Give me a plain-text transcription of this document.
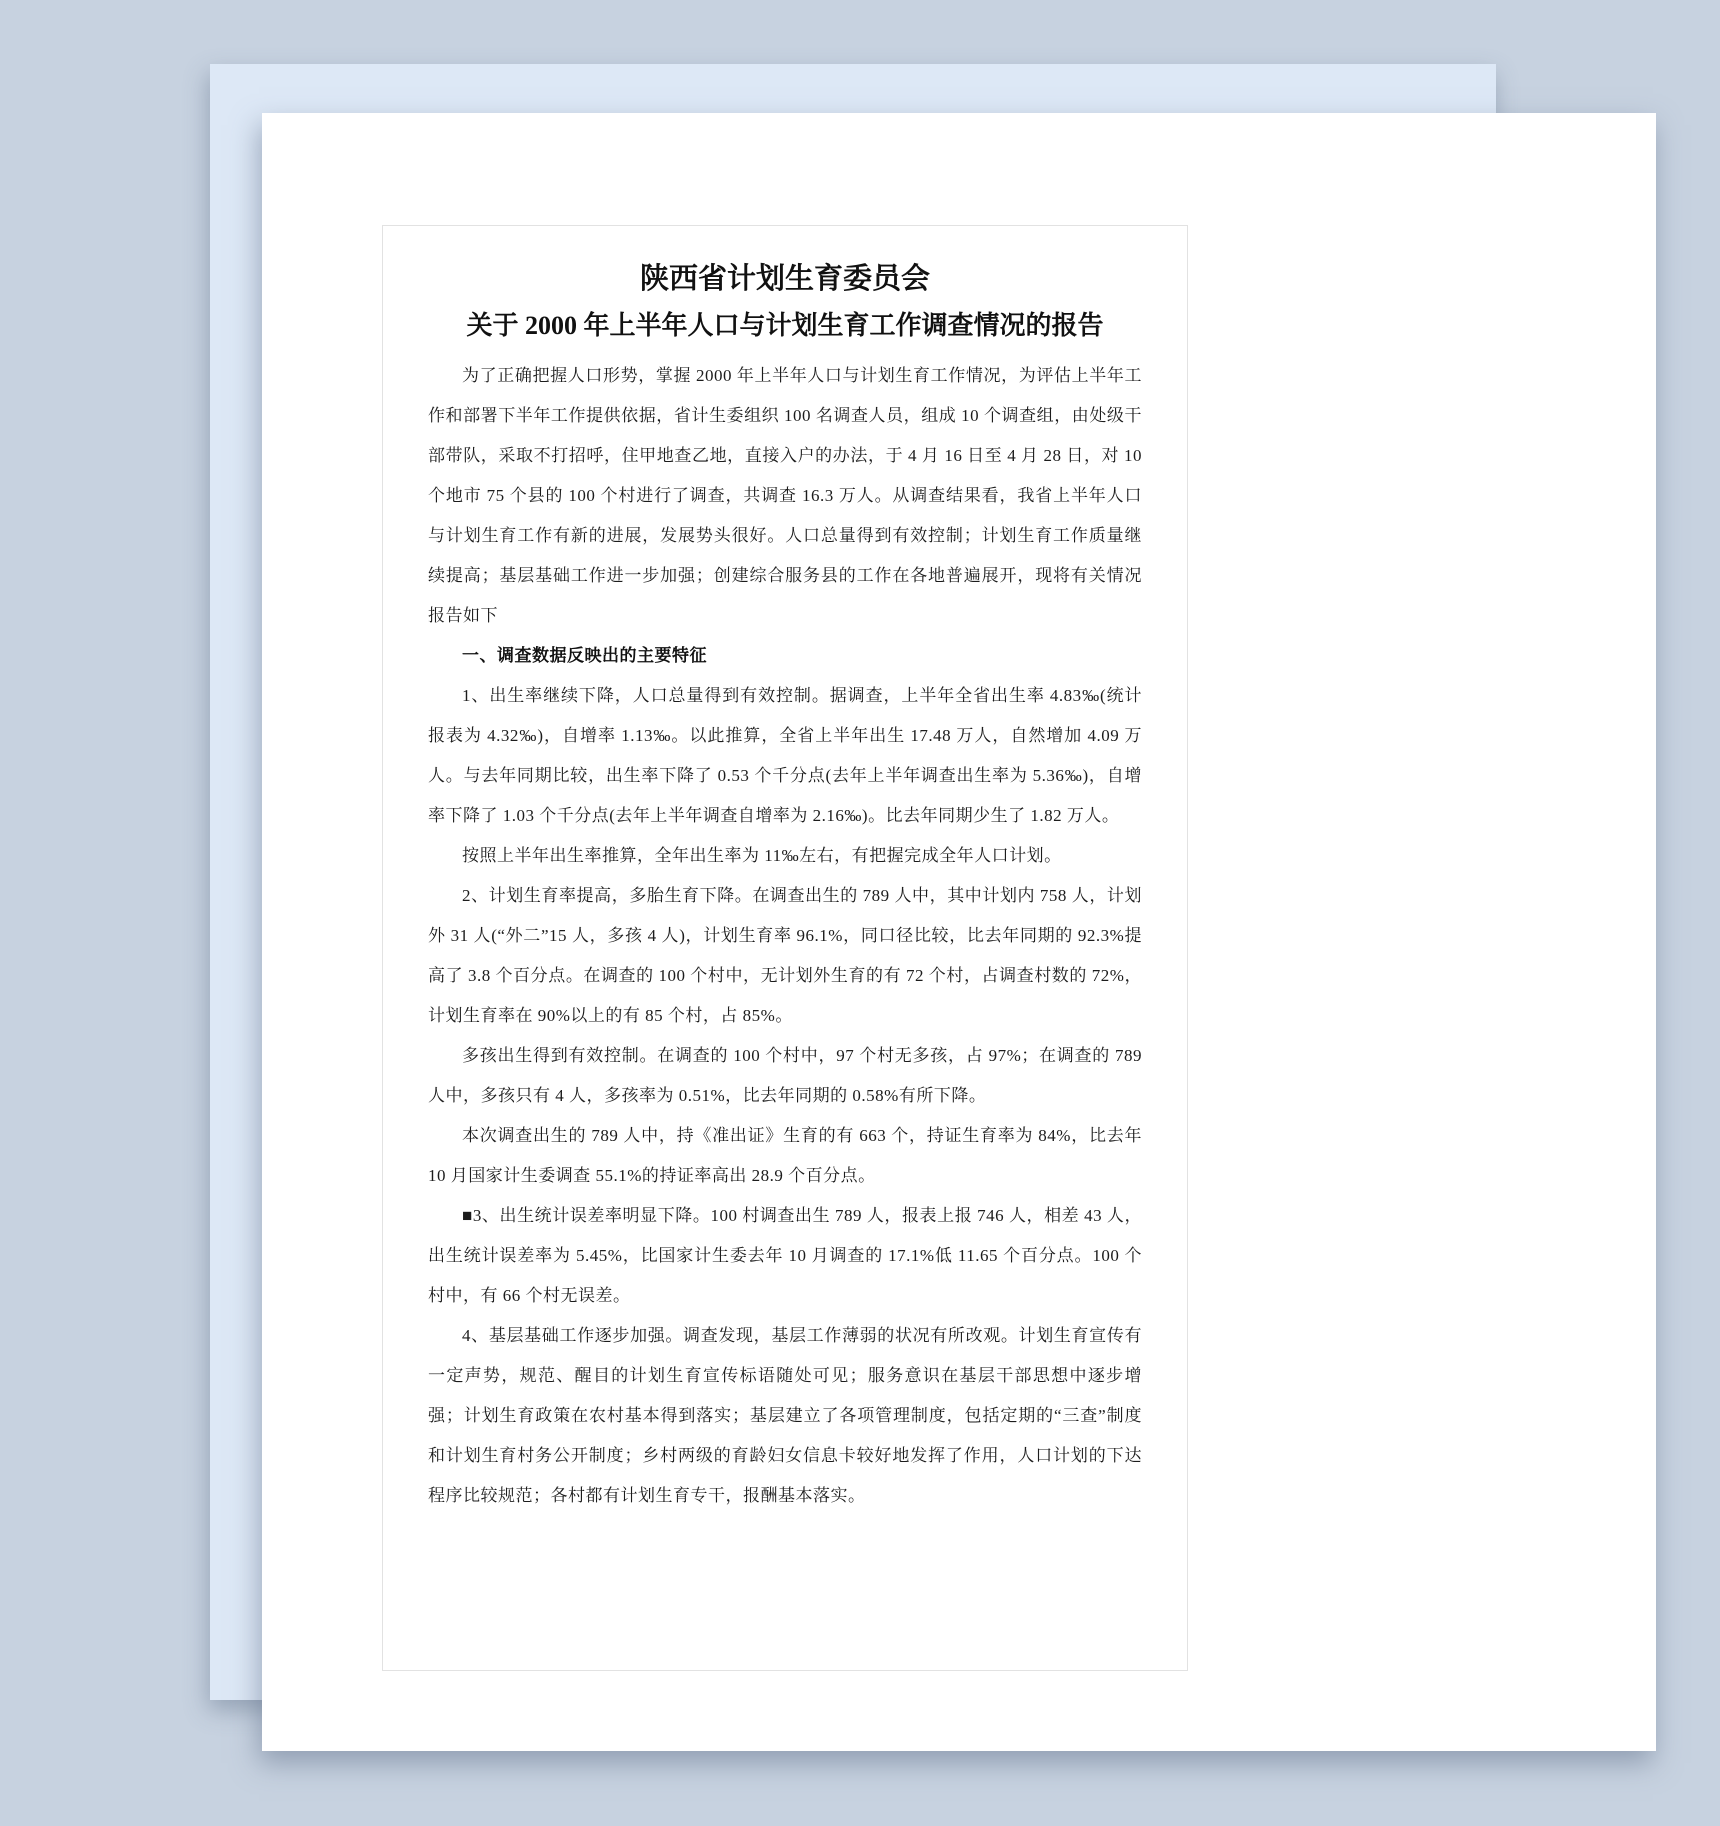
陕西省计划生育委员会
关于 2000 年上半年人口与计划生育工作调查情况的报告

为了正确把握人口形势，掌握 2000 年上半年人口与计划生育工作情况，为评估上半年工作和部署下半年工作提供依据，省计生委组织 100 名调查人员，组成 10 个调查组，由处级干部带队，采取不打招呼，住甲地查乙地，直接入户的办法，于 4 月 16 日至 4 月 28 日，对 10 个地市 75 个县的 100 个村进行了调查，共调查 16.3 万人。从调查结果看，我省上半年人口与计划生育工作有新的进展，发展势头很好。人口总量得到有效控制；计划生育工作质量继续提高；基层基础工作进一步加强；创建综合服务县的工作在各地普遍展开，现将有关情况报告如下

一、调查数据反映出的主要特征

1、出生率继续下降，人口总量得到有效控制。据调查，上半年全省出生率 4.83‰(统计报表为 4.32‰)，自增率 1.13‰。以此推算，全省上半年出生 17.48 万人，自然增加 4.09 万人。与去年同期比较，出生率下降了 0.53 个千分点(去年上半年调查出生率为 5.36‰)，自增率下降了 1.03 个千分点(去年上半年调查自增率为 2.16‰)。比去年同期少生了 1.82 万人。

按照上半年出生率推算，全年出生率为 11‰左右，有把握完成全年人口计划。

2、计划生育率提高，多胎生育下降。在调查出生的 789 人中，其中计划内 758 人，计划外 31 人(“外二”15 人，多孩 4 人)，计划生育率 96.1%，同口径比较，比去年同期的 92.3%提高了 3.8 个百分点。在调查的 100 个村中，无计划外生育的有 72 个村，占调查村数的 72%，计划生育率在 90%以上的有 85 个村，占 85%。

多孩出生得到有效控制。在调查的 100 个村中，97 个村无多孩，占 97%；在调查的 789 人中，多孩只有 4 人，多孩率为 0.51%，比去年同期的 0.58%有所下降。

本次调查出生的 789 人中，持《准出证》生育的有 663 个，持证生育率为 84%，比去年 10 月国家计生委调查 55.1%的持证率高出 28.9 个百分点。

■3、出生统计误差率明显下降。100 村调查出生 789 人，报表上报 746 人，相差 43 人，出生统计误差率为 5.45%，比国家计生委去年 10 月调查的 17.1%低 11.65 个百分点。100 个村中，有 66 个村无误差。

4、基层基础工作逐步加强。调查发现，基层工作薄弱的状况有所改观。计划生育宣传有一定声势，规范、醒目的计划生育宣传标语随处可见；服务意识在基层干部思想中逐步增强；计划生育政策在农村基本得到落实；基层建立了各项管理制度，包括定期的“三查”制度和计划生育村务公开制度；乡村两级的育龄妇女信息卡较好地发挥了作用，人口计划的下达程序比较规范；各村都有计划生育专干，报酬基本落实。
